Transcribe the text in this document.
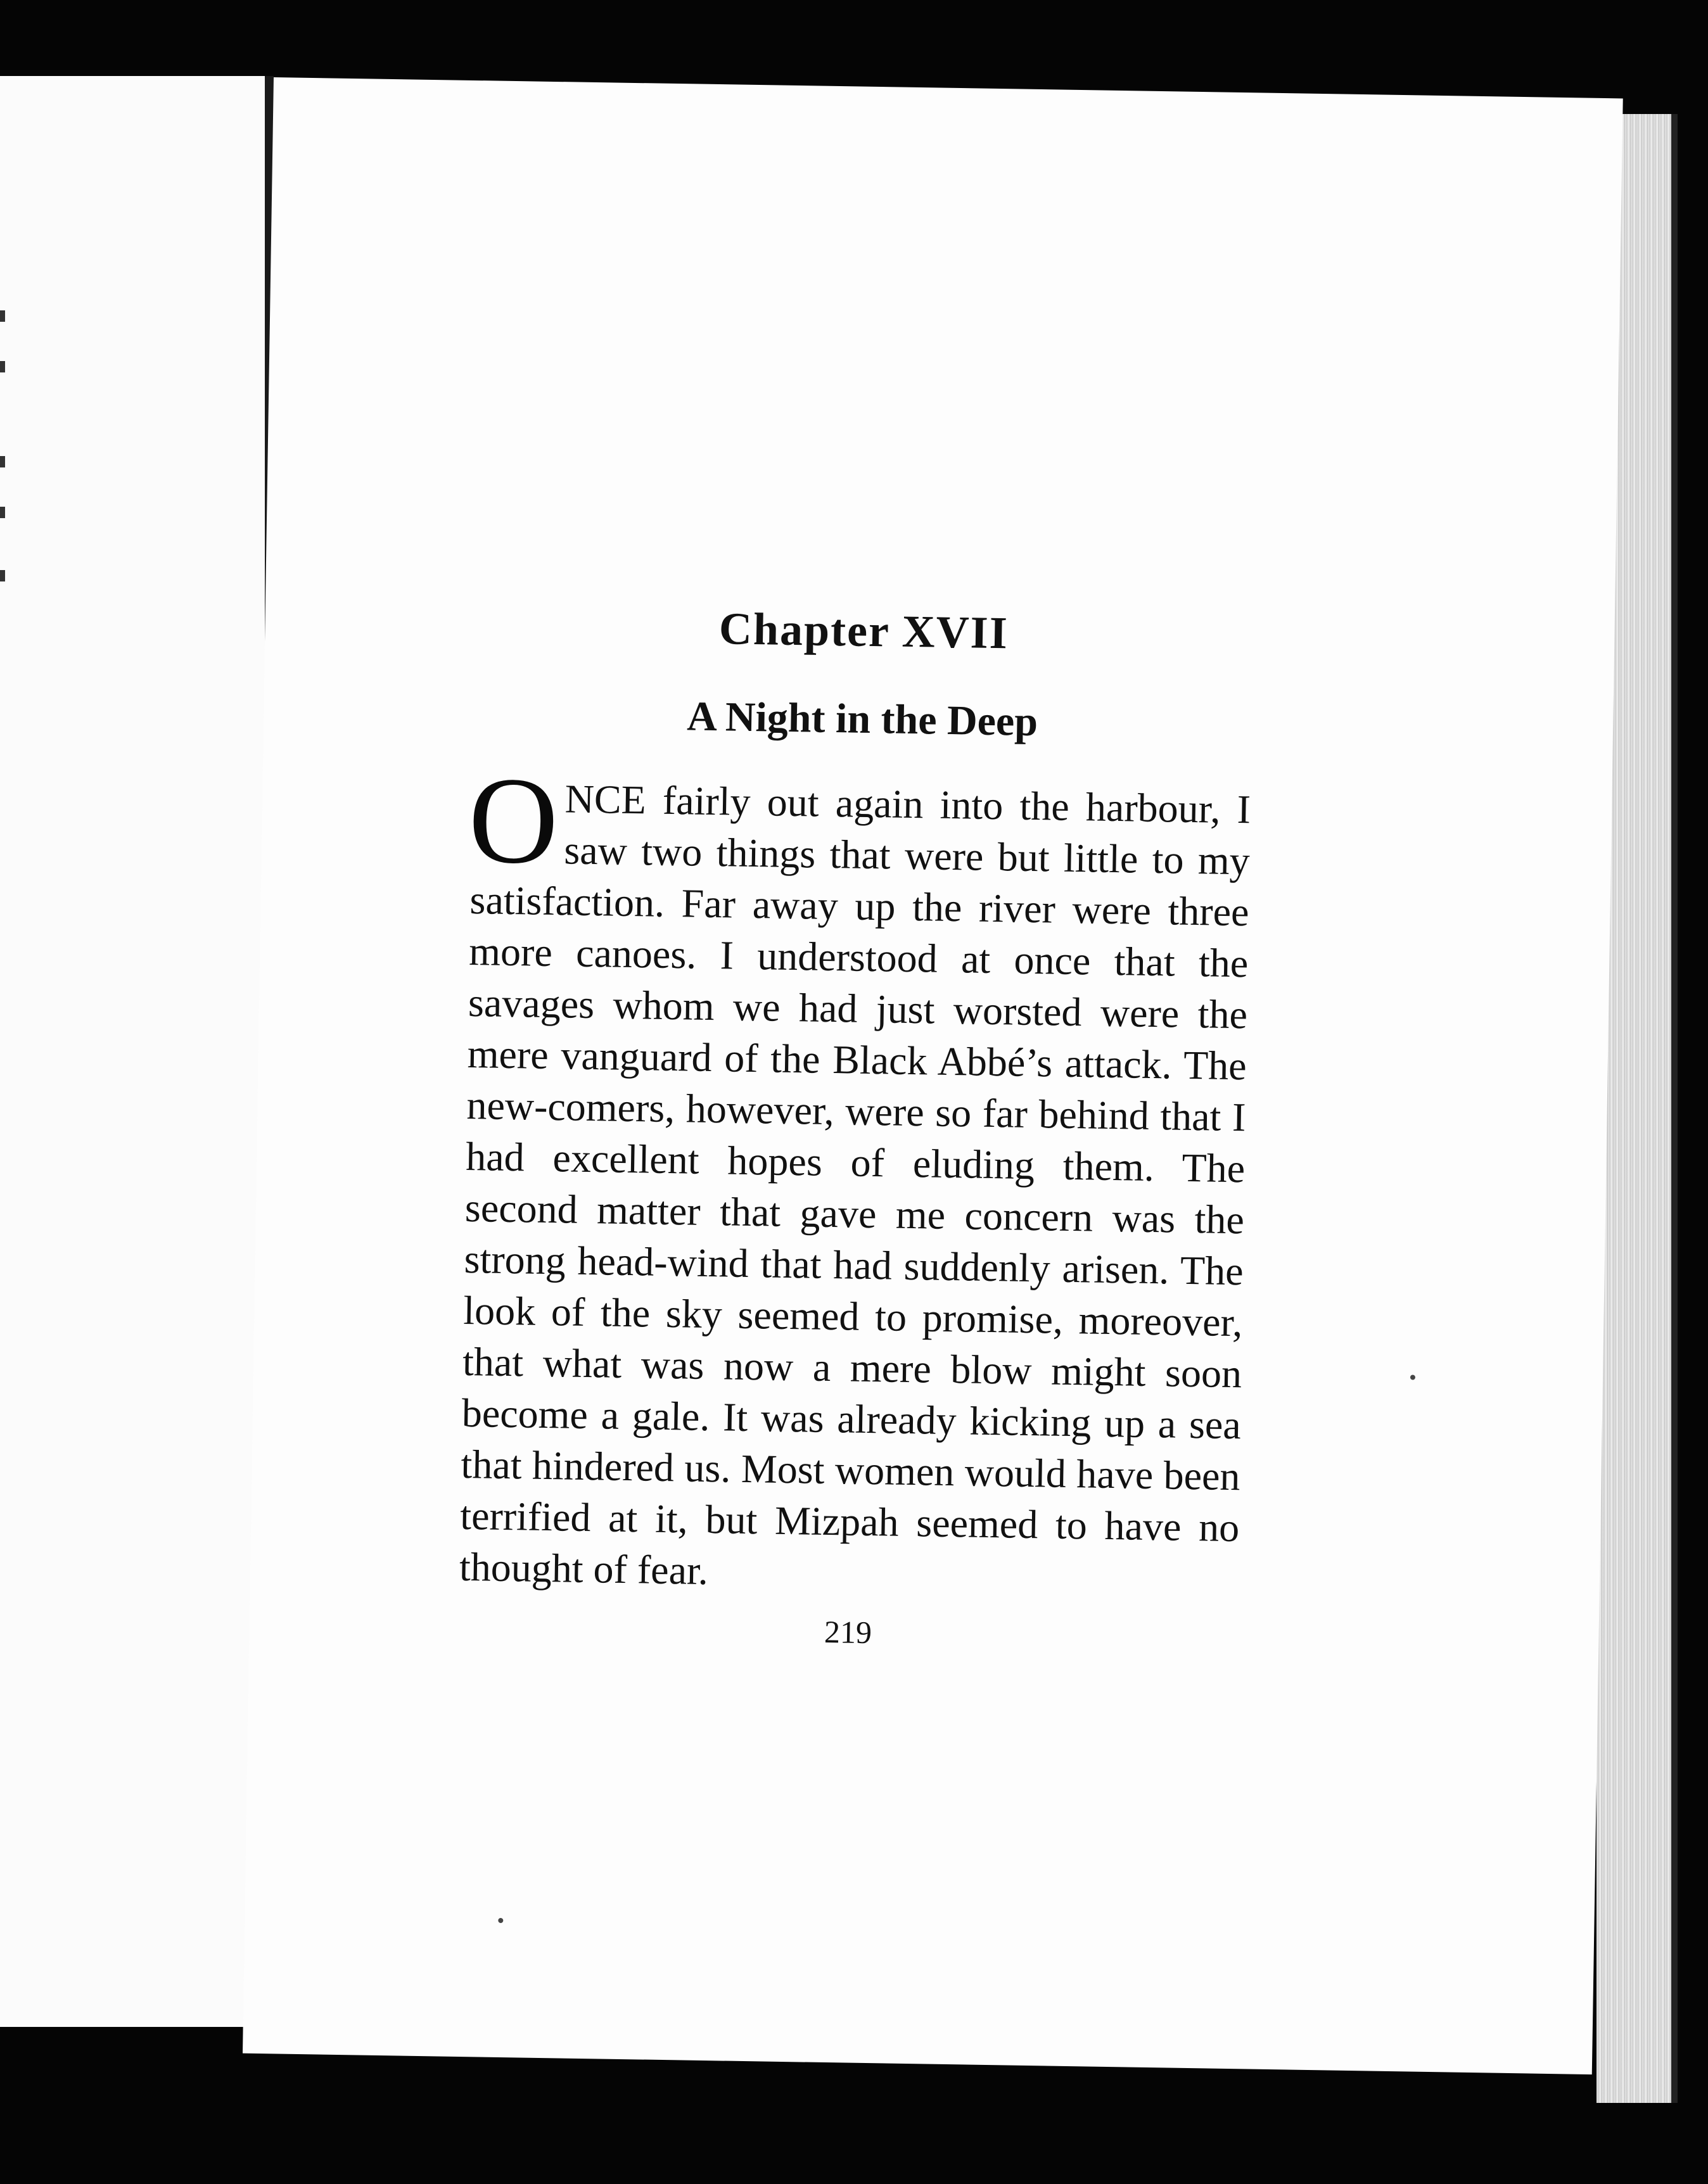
Chapter XVII
A Night in the Deep

ONCE fairly out again into the harbour, I saw two things that were but little to my satisfaction. Far away up the river were three more canoes. I understood at once that the savages whom we had just worsted were the mere vanguard of the Black Abbé’s attack. The new-comers, however, were so far behind that I had excellent hopes of eluding them. The second matter that gave me concern was the strong head-wind that had suddenly arisen. The look of the sky seemed to promise, moreover, that what was now a mere blow might soon become a gale. It was already kicking up a sea that hindered us. Most women would have been terrified at it, but Mizpah seemed to have no thought of fear.

219
